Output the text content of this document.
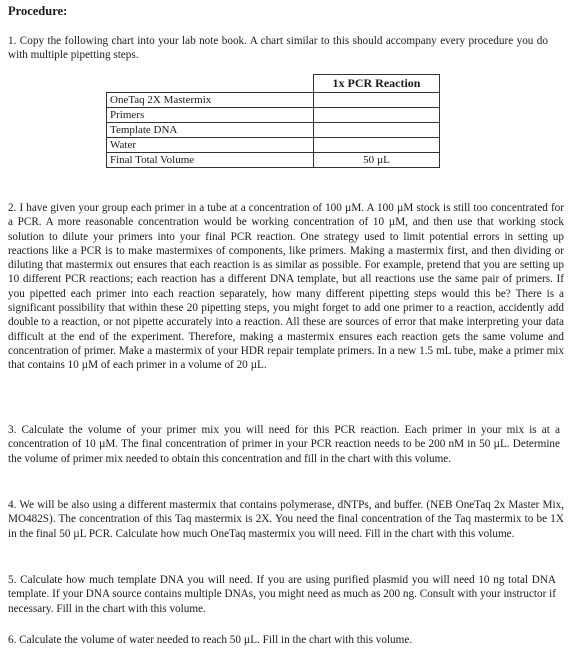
Procedure:

1. Copy the following chart into your lab note book. A chart similar to this should accompany every procedure you do with multiple pipetting steps.

2. I have given your group each primer in a tube at a concentration of 100 µM. A 100 µM stock is still too concentrated for a PCR. A more reasonable concentration would be working concentration of 10 µM, and then use that working stock solution to dilute your primers into your final PCR reaction. One strategy used to limit potential errors in setting up reactions like a PCR is to make mastermixes of components, like primers. Making a mastermix first, and then dividing or diluting that mastermix out ensures that each reaction is as similar as possible. For example, pretend that you are setting up 10 different PCR reactions; each reaction has a different DNA template, but all reactions use the same pair of primers. If you pipetted each primer into each reaction separately, how many different pipetting steps would this be? There is a significant possibility that within these 20 pipetting steps, you might forget to add one primer to a reaction, accidently add double to a reaction, or not pipette accurately into a reaction. All these are sources of error that make interpreting your data difficult at the end of the experiment. Therefore, making a mastermix ensures each reaction gets the same volume and concentration of primer. Make a mastermix of your HDR repair template primers. In a new 1.5 mL tube, make a primer mix that contains 10 µM of each primer in a volume of 20 µL.

3. Calculate the volume of your primer mix you will need for this PCR reaction. Each primer in your mix is at a concentration of 10 µM. The final concentration of primer in your PCR reaction needs to be 200 nM in 50 µL. Determine the volume of primer mix needed to obtain this concentration and fill in the chart with this volume.

4. We will be also using a different mastermix that contains polymerase, dNTPs, and buffer. (NEB OneTaq 2x Master Mix, MO482S). The concentration of this Taq mastermix is 2X. You need the final concentration of the Taq mastermix to be 1X in the final 50 µL PCR. Calculate how much OneTaq mastermix you will need. Fill in the chart with this volume.

5. Calculate how much template DNA you will need. If you are using purified plasmid you will need 10 ng total DNA template. If your DNA source contains multiple DNAs, you might need as much as 200 ng. Consult with your instructor if necessary. Fill in the chart with this volume.

6. Calculate the volume of water needed to reach 50 µL. Fill in the chart with this volume.

	1x PCR Reaction
OneTaq 2X Mastermix	
Primers	
Template DNA	
Water	
Final Total Volume	50 µL
